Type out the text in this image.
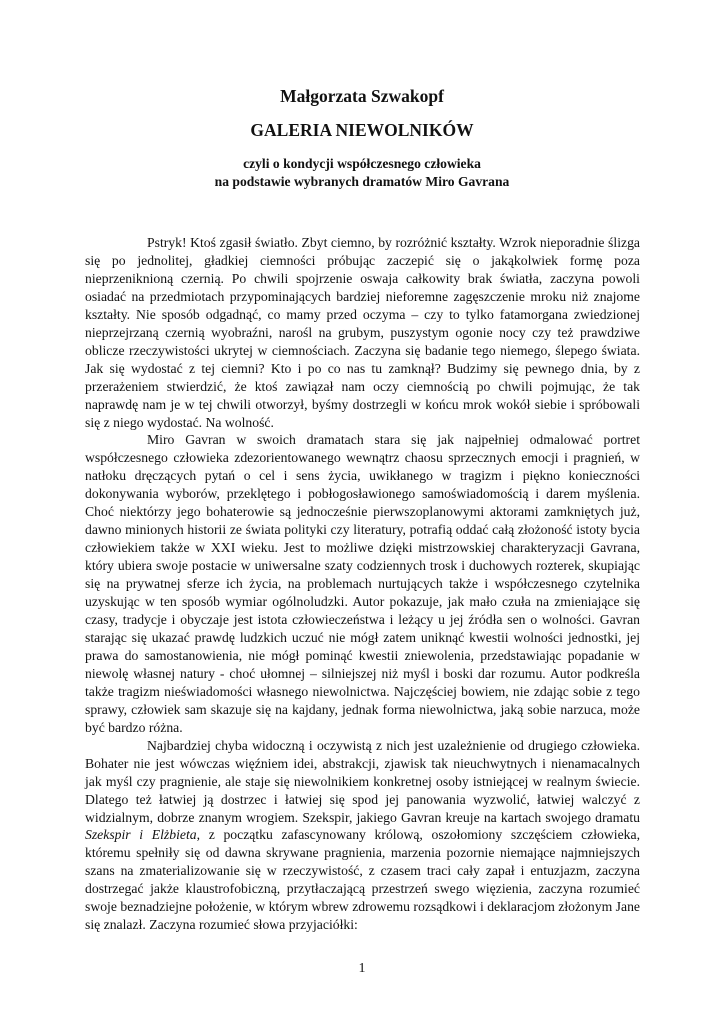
Małgorzata Szwakopf
GALERIA NIEWOLNIKÓW
czyli o kondycji współczesnego człowieka
na podstawie wybranych dramatów Miro Gavrana

Pstryk! Ktoś zgasił światło. Zbyt ciemno, by rozróżnić kształty. Wzrok nieporadnie ślizga się po jednolitej, gładkiej ciemności próbując zaczepić się o jakąkolwiek formę poza nieprzeniknioną czernią. Po chwili spojrzenie oswaja całkowity brak światła, zaczyna powoli osiadać na przedmiotach przypominających bardziej nieforemne zagęszczenie mroku niż znajome kształty. Nie sposób odgadnąć, co mamy przed oczyma – czy to tylko fatamorgana zwiedzionej nieprzejrzaną czernią wyobraźni, narośl na grubym, puszystym ogonie nocy czy też prawdziwe oblicze rzeczywistości ukrytej w ciemnościach. Zaczyna się badanie tego niemego, ślepego świata. Jak się wydostać z tej ciemni? Kto i po co nas tu zamknął? Budzimy się pewnego dnia, by z przerażeniem stwierdzić, że ktoś zawiązał nam oczy ciemnością po chwili pojmując, że tak naprawdę nam je w tej chwili otworzył, byśmy dostrzegli w końcu mrok wokół siebie i spróbowali się z niego wydostać. Na wolność.

Miro Gavran w swoich dramatach stara się jak najpełniej odmalować portret współczesnego człowieka zdezorientowanego wewnątrz chaosu sprzecznych emocji i pragnień, w natłoku dręczących pytań o cel i sens życia, uwikłanego w tragizm i piękno konieczności dokonywania wyborów, przeklętego i pobłogosławionego samoświadomością i darem myślenia. Choć niektórzy jego bohaterowie są jednocześnie pierwszoplanowymi aktorami zamkniętych już, dawno minionych historii ze świata polityki czy literatury, potrafią oddać całą złożoność istoty bycia człowiekiem także w XXI wieku. Jest to możliwe dzięki mistrzowskiej charakteryzacji Gavrana, który ubiera swoje postacie w uniwersalne szaty codziennych trosk i duchowych rozterek, skupiając się na prywatnej sferze ich życia, na problemach nurtujących także i współczesnego czytelnika uzyskując w ten sposób wymiar ogólnoludzki. Autor pokazuje, jak mało czuła na zmieniające się czasy, tradycje i obyczaje jest istota człowieczeństwa i leżący u jej źródła sen o wolności. Gavran starając się ukazać prawdę ludzkich uczuć nie mógł zatem uniknąć kwestii wolności jednostki, jej prawa do samostanowienia, nie mógł pominąć kwestii zniewolenia, przedstawiając popadanie w niewolę własnej natury - choć ułomnej – silniejszej niż myśl i boski dar rozumu. Autor podkreśla także tragizm nieświadomości własnego niewolnictwa. Najczęściej bowiem, nie zdając sobie z tego sprawy, człowiek sam skazuje się na kajdany, jednak forma niewolnictwa, jaką sobie narzuca, może być bardzo różna.

Najbardziej chyba widoczną i oczywistą z nich jest uzależnienie od drugiego człowieka. Bohater nie jest wówczas więźniem idei, abstrakcji, zjawisk tak nieuchwytnych i nienamacalnych jak myśl czy pragnienie, ale staje się niewolnikiem konkretnej osoby istniejącej w realnym świecie. Dlatego też łatwiej ją dostrzec i łatwiej się spod jej panowania wyzwolić, łatwiej walczyć z widzialnym, dobrze znanym wrogiem. Szekspir, jakiego Gavran kreuje na kartach swojego dramatu Szekspir i Elżbieta, z początku zafascynowany królową, oszołomiony szczęściem człowieka, któremu spełniły się od dawna skrywane pragnienia, marzenia pozornie niemające najmniejszych szans na zmaterializowanie się w rzeczywistość, z czasem traci cały zapał i entuzjazm, zaczyna dostrzegać jakże klaustrofobiczną, przytłaczającą przestrzeń swego więzienia, zaczyna rozumieć swoje beznadziejne położenie, w którym wbrew zdrowemu rozsądkowi i deklaracjom złożonym Jane się znalazł. Zaczyna rozumieć słowa przyjaciółki:

1
